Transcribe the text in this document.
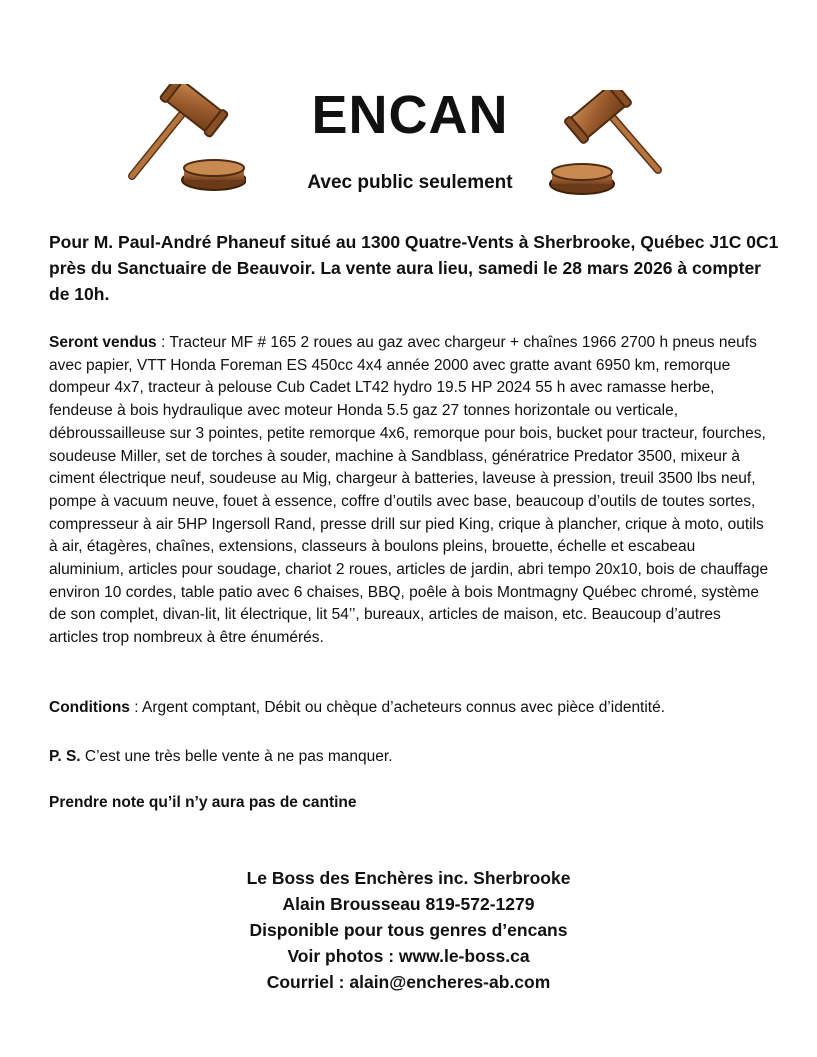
ENCAN
Avec public seulement
Pour M. Paul-André Phaneuf situé au 1300 Quatre-Vents à Sherbrooke, Québec J1C 0C1 près du Sanctuaire de Beauvoir. La vente aura lieu, samedi le 28 mars 2026 à compter de 10h.

Seront vendus : Tracteur MF # 165 2 roues au gaz avec chargeur + chaînes 1966 2700 h pneus neufs avec papier, VTT Honda Foreman ES 450cc 4x4 année 2000 avec gratte avant 6950 km, remorque dompeur 4x7, tracteur à pelouse Cub Cadet LT42 hydro 19.5 HP 2024 55 h avec ramasse herbe, fendeuse à bois hydraulique avec moteur Honda 5.5 gaz 27 tonnes horizontale ou verticale, débroussailleuse sur 3 pointes, petite remorque 4x6, remorque pour bois, bucket pour tracteur, fourches, soudeuse Miller, set de torches à souder, machine à Sandblass, génératrice Predator 3500, mixeur à ciment électrique neuf, soudeuse au Mig, chargeur à batteries, laveuse à pression, treuil 3500 lbs neuf, pompe à vacuum neuve, fouet à essence, coffre d’outils avec base, beaucoup d’outils de toutes sortes, compresseur à air 5HP Ingersoll Rand, presse drill sur pied King, crique à plancher, crique à moto, outils à air, étagères, chaînes, extensions, classeurs à boulons pleins, brouette, échelle et escabeau aluminium, articles pour soudage, chariot 2 roues, articles de jardin, abri tempo 20x10, bois de chauffage environ 10 cordes, table patio avec 6 chaises, BBQ, poêle à bois Montmagny Québec chromé, système de son complet, divan-lit, lit électrique, lit 54’’, bureaux, articles de maison, etc. Beaucoup d’autres articles trop nombreux à être énumérés.

Conditions : Argent comptant, Débit ou chèque d’acheteurs connus avec pièce d’identité.

P. S. C’est une très belle vente à ne pas manquer.

Prendre note qu’il n’y aura pas de cantine

Le Boss des Enchères inc. Sherbrooke
Alain Brousseau 819-572-1279
Disponible pour tous genres d’encans
Voir photos : www.le-boss.ca
Courriel : alain@encheres-ab.com
